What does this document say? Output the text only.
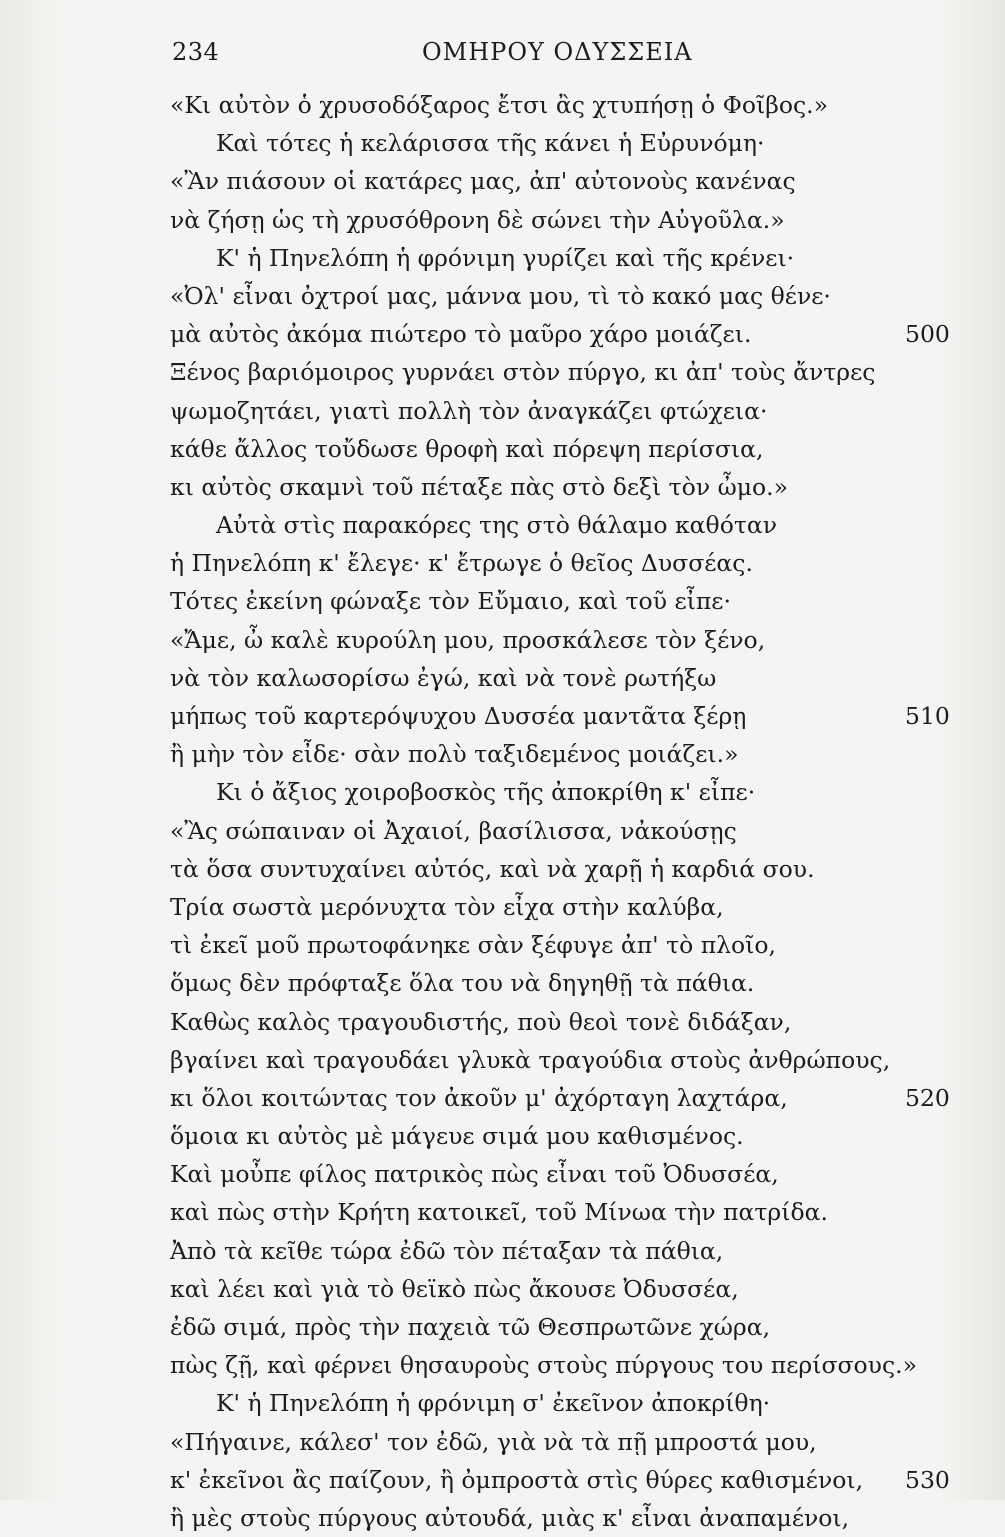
234	ΟΜΗΡΟΥ ΟΔΥΣΣΕΙΑ
«Κι αὐτὸν ὁ χρυσοδόξαρος ἔτσι ἂς χτυπήσῃ ὁ Φοῖβος.»
Καὶ τότες ἡ κελάρισσα τῆς κάνει ἡ Εὐρυνόμη·
«Ἂν πιάσουν οἱ κατάρες μας, ἀπ' αὐτονοὺς κανένας
νὰ ζήσῃ ὡς τὴ χρυσόθρονη δὲ σώνει τὴν Αὐγοῦλα.»
Κ' ἡ Πηνελόπη ἡ φρόνιμη γυρίζει καὶ τῆς κρένει·
«Ὀλ' εἶναι ὀχτροί μας, μάννα μου, τὶ τὸ κακό μας θένε·
μὰ αὐτὸς ἀκόμα πιώτερο τὸ μαῦρο χάρο μοιάζει.	500
Ξένος βαριόμοιρος γυρνάει στὸν πύργο, κι ἀπ' τοὺς ἄντρες
ψωμοζητάει, γιατὶ πολλὴ τὸν ἀναγκάζει φτώχεια·
κάθε ἄλλος τοὔδωσε θροφὴ καὶ πόρεψη περίσσια,
κι αὐτὸς σκαμνὶ τοῦ πέταξε πὰς στὸ δεξὶ τὸν ὦμο.»
Αὐτὰ στὶς παρακόρες της στὸ θάλαμο καθόταν
ἡ Πηνελόπη κ' ἔλεγε· κ' ἔτρωγε ὁ θεῖος Δυσσέας.
Τότες ἐκείνη φώναξε τὸν Εὔμαιο, καὶ τοῦ εἶπε·
«Ἄμε, ὦ καλὲ κυρούλη μου, προσκάλεσε τὸν ξένο,
νὰ τὸν καλωσορίσω ἐγώ, καὶ νὰ τονὲ ρωτήξω
μήπως τοῦ καρτερόψυχου Δυσσέα μαντᾶτα ξέρῃ	510
ἢ μὴν τὸν εἶδε· σὰν πολὺ ταξιδεμένος μοιάζει.»
Κι ὁ ἄξιος χοιροβοσκὸς τῆς ἀποκρίθη κ' εἶπε·
«Ἂς σώπαιναν οἱ Ἀχαιοί, βασίλισσα, νἀκούσῃς
τὰ ὅσα συντυχαίνει αὐτός, καὶ νὰ χαρῇ ἡ καρδιά σου.
Τρία σωστὰ μερόνυχτα τὸν εἶχα στὴν καλύβα,
τὶ ἐκεῖ μοῦ πρωτοφάνηκε σὰν ξέφυγε ἀπ' τὸ πλοῖο,
ὅμως δὲν πρόφταξε ὅλα του νὰ δηγηθῇ τὰ πάθια.
Καθὼς καλὸς τραγουδιστής, ποὺ θεοὶ τονὲ διδάξαν,
βγαίνει καὶ τραγουδάει γλυκὰ τραγούδια στοὺς ἀνθρώπους,
κι ὅλοι κοιτώντας τον ἀκοῦν μ' ἀχόρταγη λαχτάρα,	520
ὅμοια κι αὐτὸς μὲ μάγευε σιμά μου καθισμένος.
Καὶ μοὖπε φίλος πατρικὸς πὼς εἶναι τοῦ Ὀδυσσέα,
καὶ πὼς στὴν Κρήτη κατοικεῖ, τοῦ Μίνωα τὴν πατρίδα.
Ἀπὸ τὰ κεῖθε τώρα ἐδῶ τὸν πέταξαν τὰ πάθια,
καὶ λέει καὶ γιὰ τὸ θεϊκὸ πὼς ἄκουσε Ὀδυσσέα,
ἐδῶ σιμά, πρὸς τὴν παχειὰ τῶ Θεσπρωτῶνε χώρα,
πὼς ζῇ, καὶ φέρνει θησαυροὺς στοὺς πύργους του περίσσους.»
Κ' ἡ Πηνελόπη ἡ φρόνιμη σ' ἐκεῖνον ἀποκρίθη·
«Πήγαινε, κάλεσ' τον ἐδῶ, γιὰ νὰ τὰ πῇ μπροστά μου,
κ' ἐκεῖνοι ἂς παίζουν, ἢ ὀμπροστὰ στὶς θύρες καθισμένοι, 530
ἢ μὲς στοὺς πύργους αὐτουδά, μιὰς κ' εἶναι ἀναπαμένοι,
